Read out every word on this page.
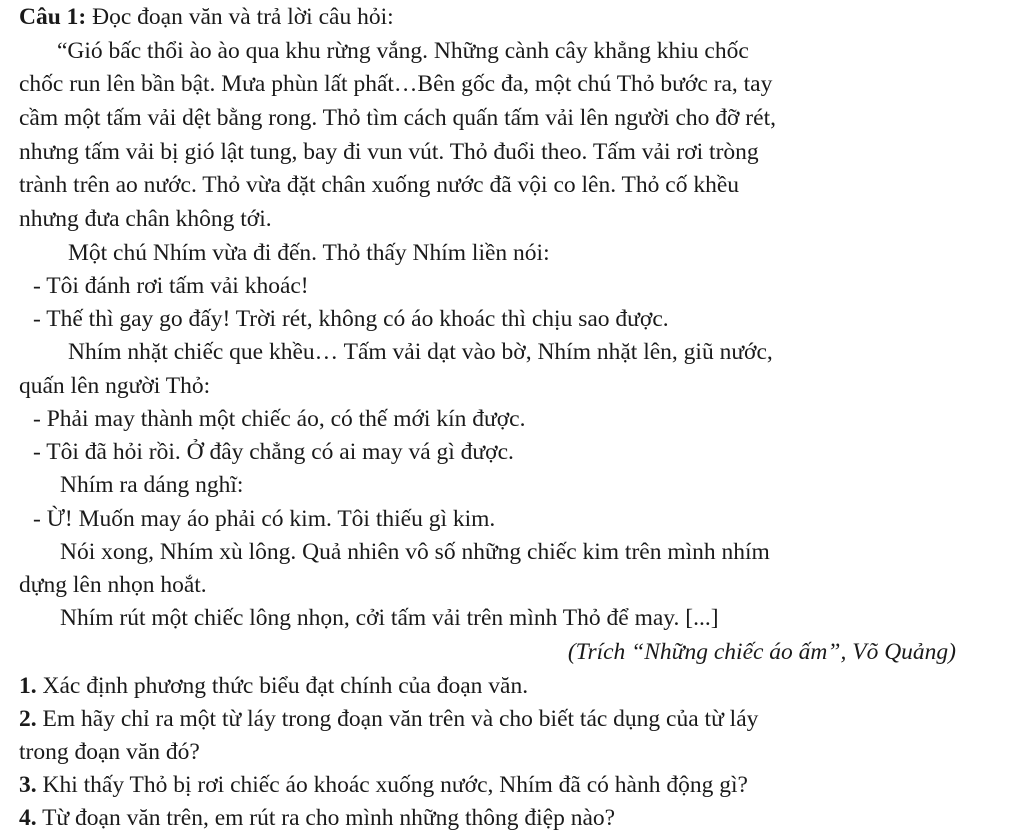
Câu 1: Đọc đoạn văn và trả lời câu hỏi:
“Gió bấc thổi ào ào qua khu rừng vắng. Những cành cây khẳng khiu chốc
chốc run lên bần bật. Mưa phùn lất phất…Bên gốc đa, một chú Thỏ bước ra, tay
cầm một tấm vải dệt bằng rong. Thỏ tìm cách quấn tấm vải lên người cho đỡ rét,
nhưng tấm vải bị gió lật tung, bay đi vun vút. Thỏ đuổi theo. Tấm vải rơi tròng
trành trên ao nước. Thỏ vừa đặt chân xuống nước đã vội co lên. Thỏ cố khều
nhưng đưa chân không tới.
Một chú Nhím vừa đi đến. Thỏ thấy Nhím liền nói:
- Tôi đánh rơi tấm vải khoác!
- Thế thì gay go đấy! Trời rét, không có áo khoác thì chịu sao được.
Nhím nhặt chiếc que khều… Tấm vải dạt vào bờ, Nhím nhặt lên, giũ nước,
quấn lên người Thỏ:
- Phải may thành một chiếc áo, có thế mới kín được.
- Tôi đã hỏi rồi. Ở đây chẳng có ai may vá gì được.
Nhím ra dáng nghĩ:
- Ừ! Muốn may áo phải có kim. Tôi thiếu gì kim.
Nói xong, Nhím xù lông. Quả nhiên vô số những chiếc kim trên mình nhím
dựng lên nhọn hoắt.
Nhím rút một chiếc lông nhọn, cởi tấm vải trên mình Thỏ để may. [...]
(Trích “Những chiếc áo ấm”, Võ Quảng)
1. Xác định phương thức biểu đạt chính của đoạn văn.
2. Em hãy chỉ ra một từ láy trong đoạn văn trên và cho biết tác dụng của từ láy
trong đoạn văn đó?
3. Khi thấy Thỏ bị rơi chiếc áo khoác xuống nước, Nhím đã có hành động gì?
4. Từ đoạn văn trên, em rút ra cho mình những thông điệp nào?
